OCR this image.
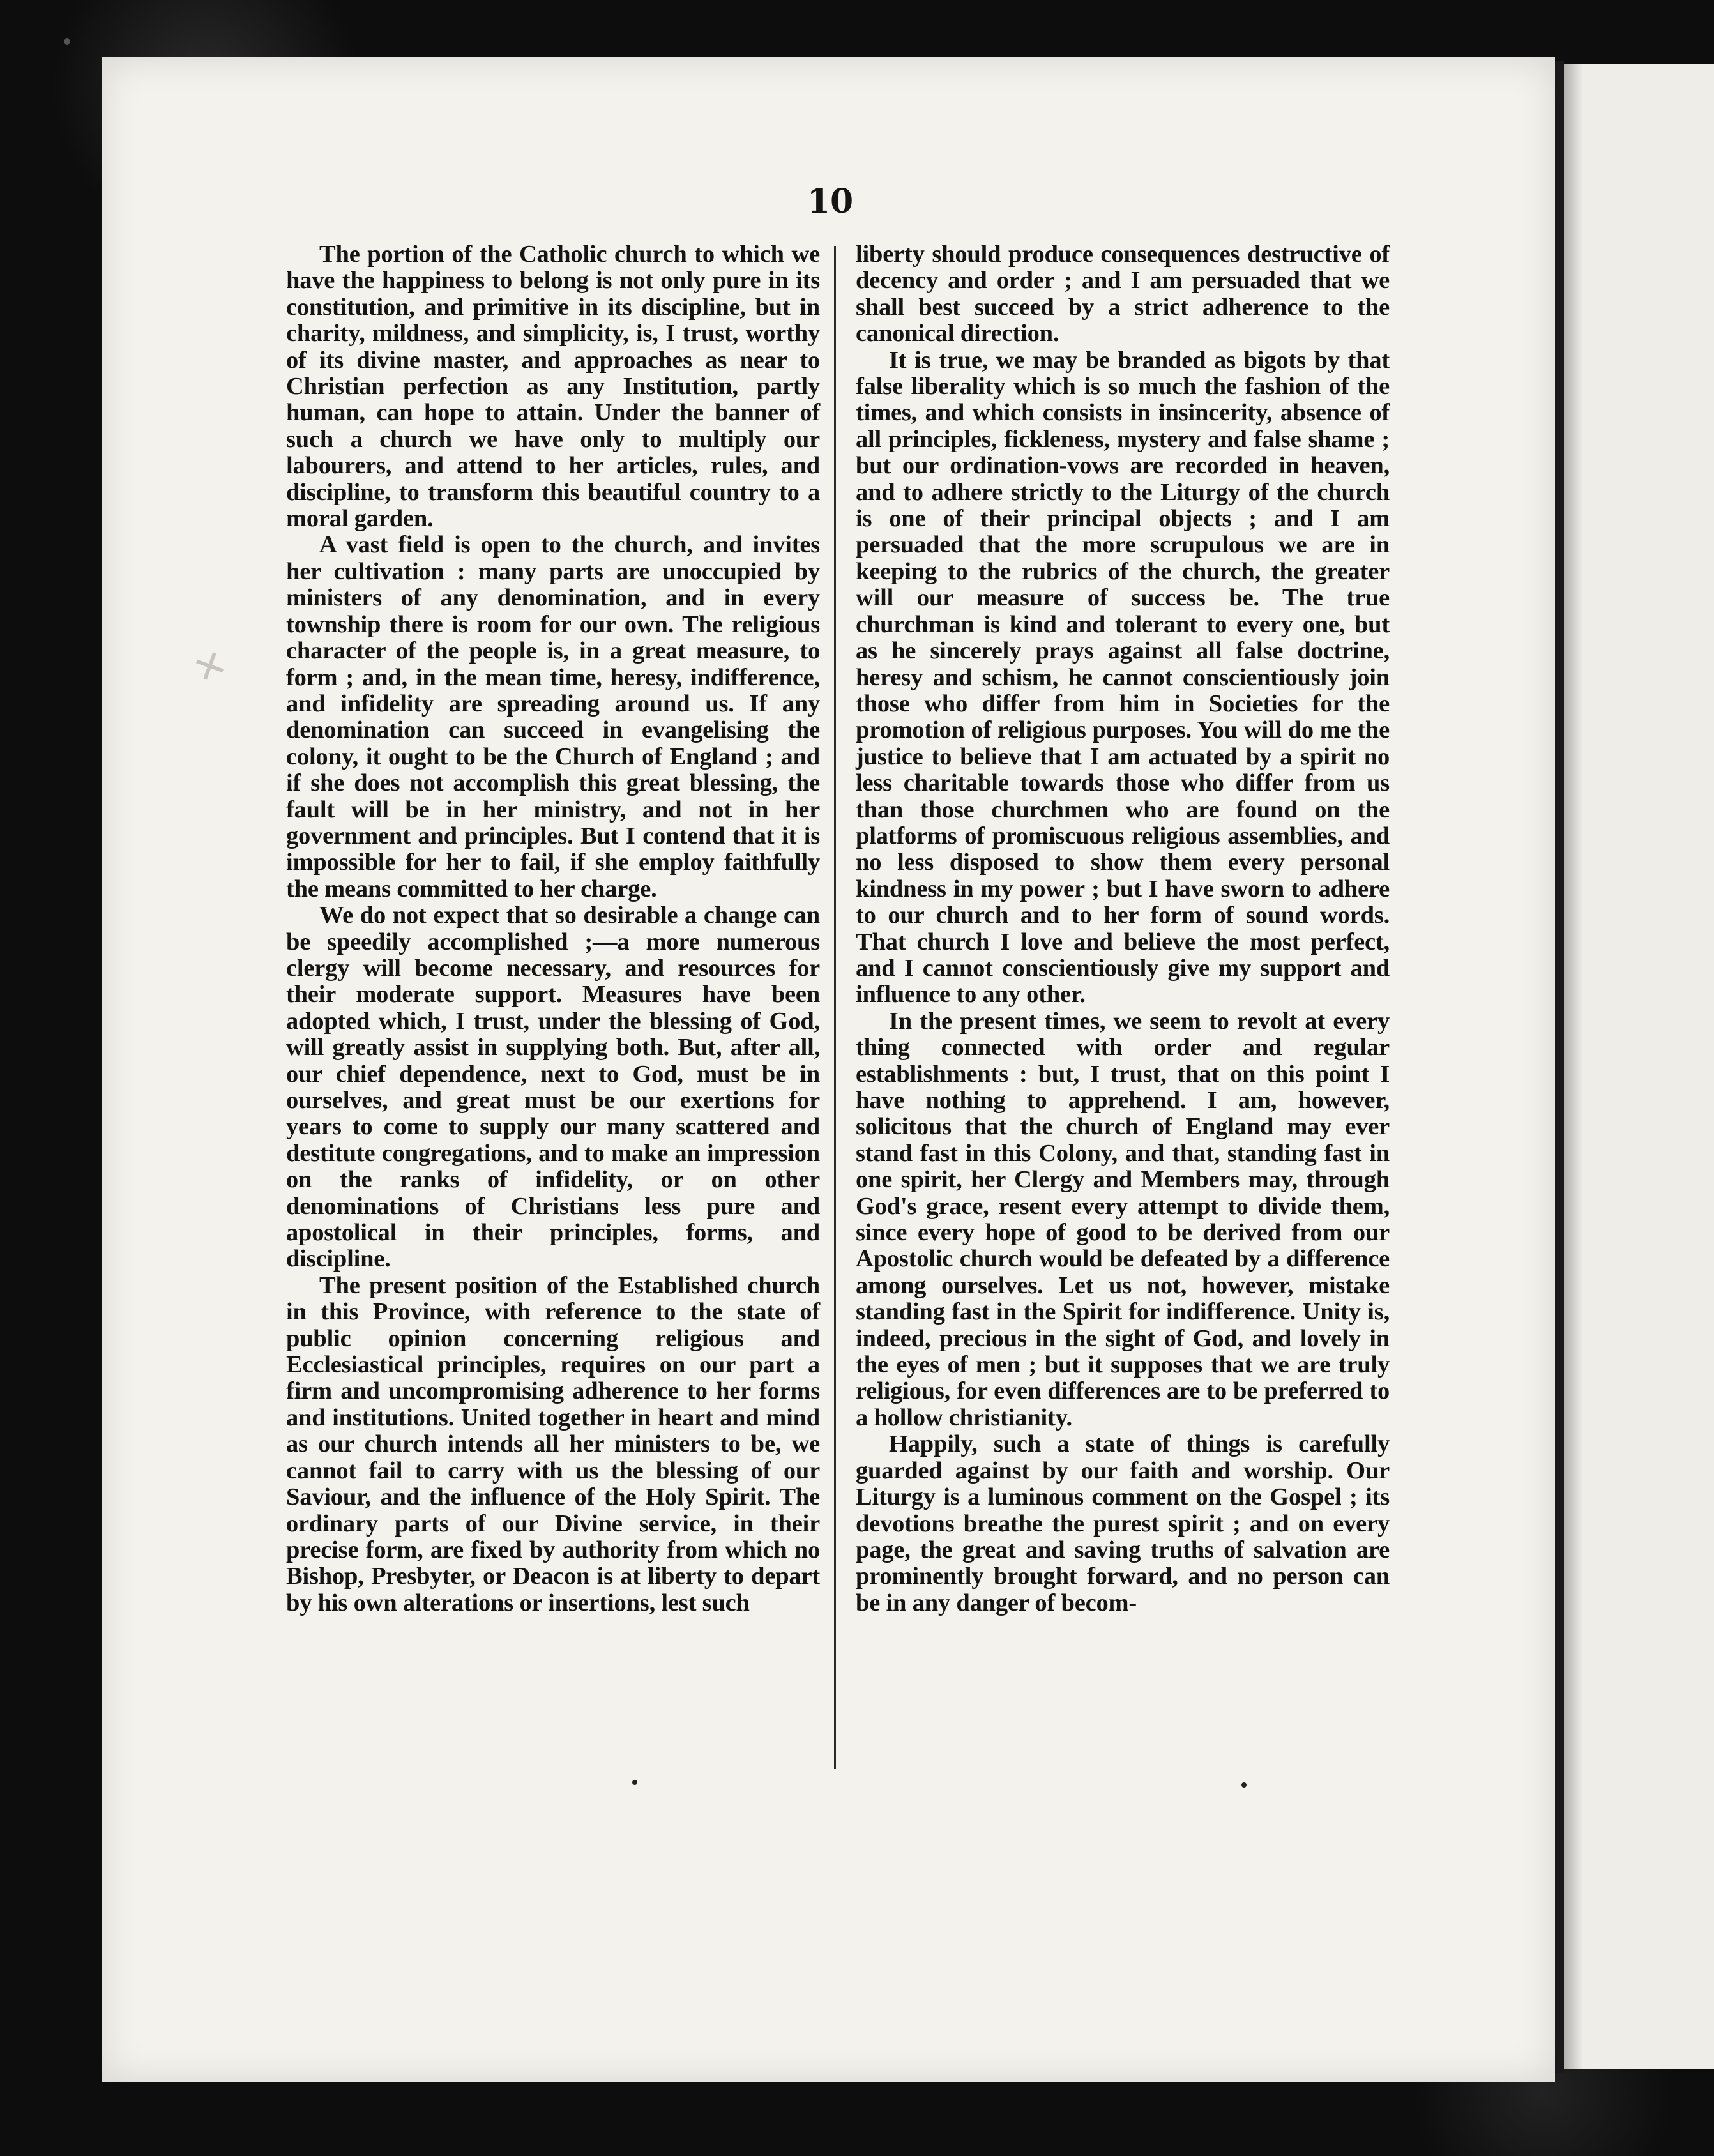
+
10

The portion of the Catholic church to which we have the happiness to belong is not only pure in its constitution, and primitive in its discipline, but in charity, mildness, and simplicity, is, I trust, worthy of its divine master, and approaches as near to Christian perfection as any Institution, partly human, can hope to attain. Under the banner of such a church we have only to multiply our labourers, and attend to her articles, rules, and discipline, to transform this beautiful country to a moral garden.

A vast field is open to the church, and invites her cultivation : many parts are unoccupied by ministers of any denomination, and in every township there is room for our own. The religious character of the people is, in a great measure, to form ; and, in the mean time, heresy, indifference, and infidelity are spreading around us. If any denomination can succeed in evangelising the colony, it ought to be the Church of England ; and if she does not accomplish this great blessing, the fault will be in her ministry, and not in her government and principles. But I contend that it is impossible for her to fail, if she employ faithfully the means committed to her charge.

We do not expect that so desirable a change can be speedily accomplished ;—a more numerous clergy will become necessary, and resources for their moderate support. Measures have been adopted which, I trust, under the blessing of God, will greatly assist in supplying both. But, after all, our chief dependence, next to God, must be in ourselves, and great must be our exertions for years to come to supply our many scattered and destitute congregations, and to make an impression on the ranks of infidelity, or on other denominations of Christians less pure and apostolical in their principles, forms, and discipline.

The present position of the Established church in this Province, with reference to the state of public opinion concerning religious and Ecclesiastical principles, requires on our part a firm and uncompromising adherence to her forms and institutions. United together in heart and mind as our church intends all her ministers to be, we cannot fail to carry with us the blessing of our Saviour, and the influence of the Holy Spirit. The ordinary parts of our Divine service, in their precise form, are fixed by authority from which no Bishop, Presbyter, or Deacon is at liberty to depart by his own alterations or insertions, lest such

liberty should produce consequences destructive of decency and order ; and I am persuaded that we shall best succeed by a strict adherence to the canonical direction.

It is true, we may be branded as bigots by that false liberality which is so much the fashion of the times, and which consists in insincerity, absence of all principles, fickleness, mystery and false shame ; but our ordination-vows are recorded in heaven, and to adhere strictly to the Liturgy of the church is one of their principal objects ; and I am persuaded that the more scrupulous we are in keeping to the rubrics of the church, the greater will our measure of success be. The true churchman is kind and tolerant to every one, but as he sincerely prays against all false doctrine, heresy and schism, he cannot conscientiously join those who differ from him in Societies for the promotion of religious purposes. You will do me the justice to believe that I am actuated by a spirit no less charitable towards those who differ from us than those churchmen who are found on the platforms of promiscuous religious assemblies, and no less disposed to show them every personal kindness in my power ; but I have sworn to adhere to our church and to her form of sound words. That church I love and believe the most perfect, and I cannot conscientiously give my support and influence to any other.

In the present times, we seem to revolt at every thing connected with order and regular establishments : but, I trust, that on this point I have nothing to apprehend. I am, however, solicitous that the church of England may ever stand fast in this Colony, and that, standing fast in one spirit, her Clergy and Members may, through God's grace, resent every attempt to divide them, since every hope of good to be derived from our Apostolic church would be defeated by a difference among ourselves. Let us not, however, mistake standing fast in the Spirit for indifference. Unity is, indeed, precious in the sight of God, and lovely in the eyes of men ; but it supposes that we are truly religious, for even differences are to be preferred to a hollow christianity.

Happily, such a state of things is carefully guarded against by our faith and worship. Our Liturgy is a luminous comment on the Gospel ; its devotions breathe the purest spirit ; and on every page, the great and saving truths of salvation are prominently brought forward, and no person can be in any danger of becom-
